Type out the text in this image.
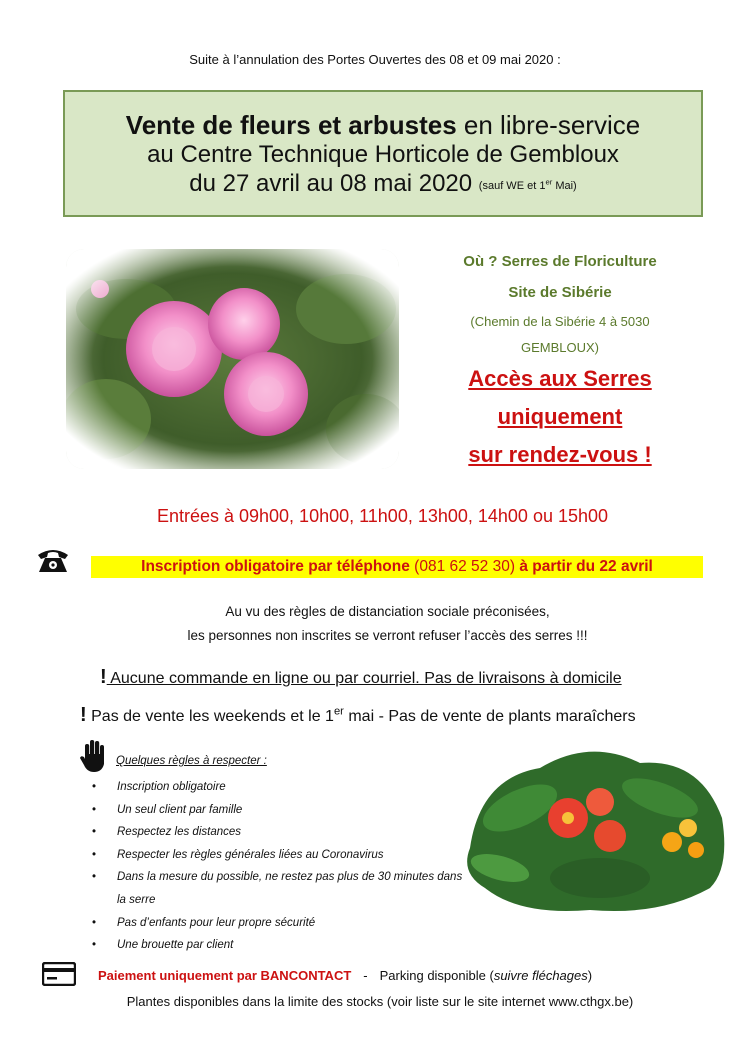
Suite à l’annulation des Portes Ouvertes des 08 et 09 mai 2020 :
Vente de fleurs et arbustes en libre-service
au Centre Technique Horticole de Gembloux
du 27 avril au 08 mai 2020 (sauf WE et 1er Mai)
Où ? Serres de Floriculture
Site de Sibérie
(Chemin de la Sibérie 4 à 5030
GEMBLOUX)
Accès aux Serres
uniquement
sur rendez-vous !
Entrées à 09h00, 10h00, 11h00, 13h00, 14h00 ou 15h00
Inscription obligatoire par téléphone (081 62 52 30) à partir du 22 avril
Au vu des règles de distanciation sociale préconisées,
les personnes non inscrites se verront refuser l’accès des serres !!!
! Aucune commande en ligne ou par courriel. Pas de livraisons à domicile
! Pas de vente les weekends et le 1er mai - Pas de vente de plants maraîchers
Quelques règles à respecter :
• Inscription obligatoire
• Un seul client par famille
• Respectez les distances
• Respecter les règles générales liées au Coronavirus
• Dans la mesure du possible, ne restez pas plus de 30 minutes dans la serre
• Pas d’enfants pour leur propre sécurité
• Une brouette par client
Paiement uniquement par BANCONTACT - Parking disponible (suivre fléchages)
Plantes disponibles dans la limite des stocks (voir liste sur le site internet www.cthgx.be)
